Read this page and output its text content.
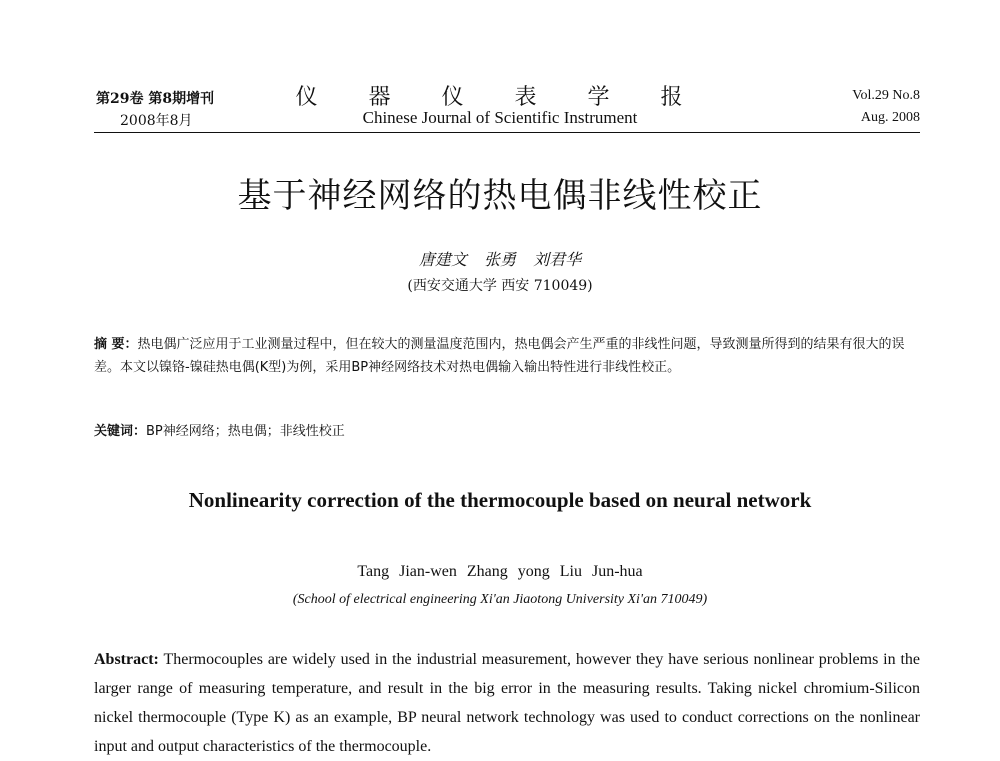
第29卷 第8期增刊
2008年8月
仪 器 仪 表 学 报
Chinese Journal of Scientific Instrument
Vol.29 No.8
Aug. 2008
基于神经网络的热电偶非线性校正
唐建文 张勇 刘君华
(西安交通大学 西安 710049)
摘 要：热电偶广泛应用于工业测量过程中，但在较大的测量温度范围内，热电偶会产生严重的非线性问题，导致测量所得到的结果有很大的误差。本文以镍铬-镍硅热电偶(K型)为例，采用BP神经网络技术对热电偶输入输出特性进行非线性校正。
关键词：BP神经网络；热电偶；非线性校正
Nonlinearity correction of the thermocouple based on neural network
Tang Jian-wen Zhang yong Liu Jun-hua
(School of electrical engineering Xi'an Jiaotong University Xi'an 710049)
Abstract: Thermocouples are widely used in the industrial measurement, however they have serious nonlinear problems in the larger range of measuring temperature, and result in the big error in the measuring results. Taking nickel chromium-Silicon nickel thermocouple (Type K) as an example, BP neural network technology was used to conduct corrections on the nonlinear input and output characteristics of the thermocouple.
